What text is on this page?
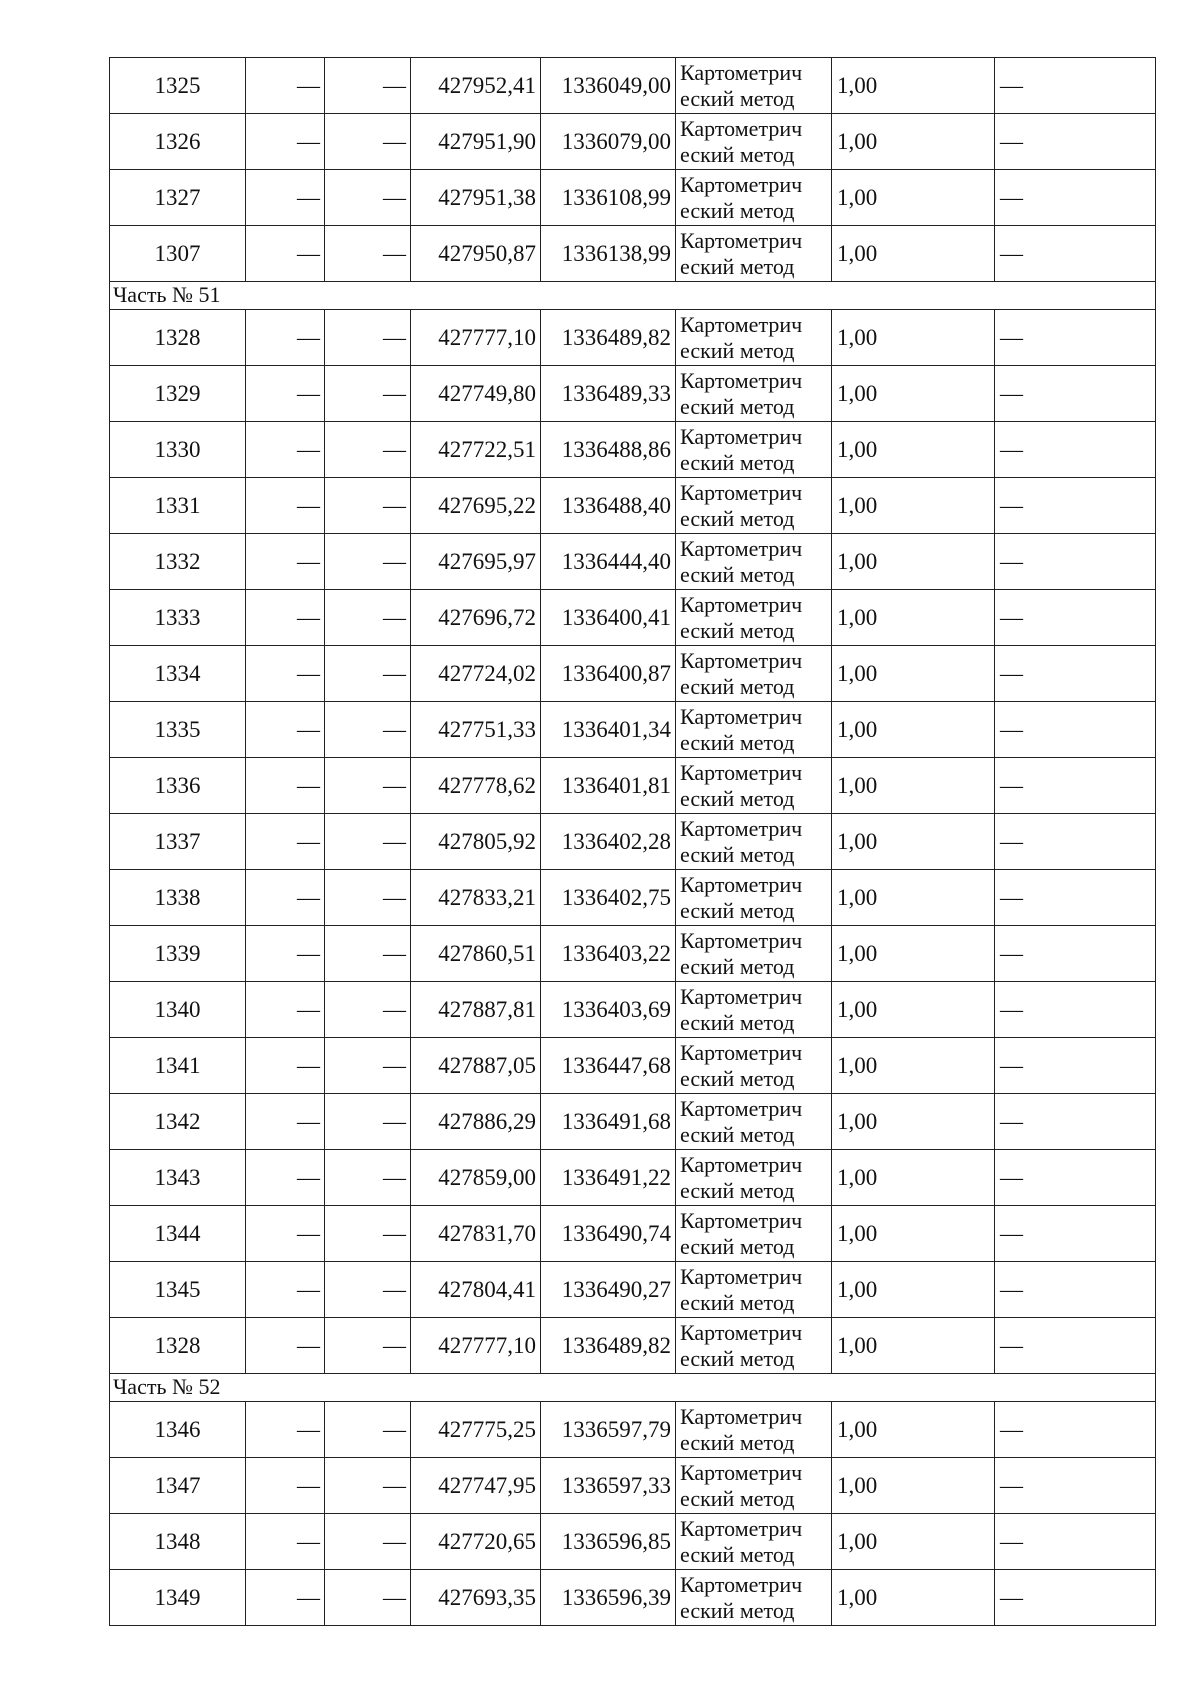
1325	—	—	427952,41	1336049,00	Картометрич еский метод	1,00	—
1326	—	—	427951,90	1336079,00	Картометрич еский метод	1,00	—
1327	—	—	427951,38	1336108,99	Картометрич еский метод	1,00	—
1307	—	—	427950,87	1336138,99	Картометрич еский метод	1,00	—
Часть № 51							
1328	—	—	427777,10	1336489,82	Картометрич еский метод	1,00	—
1329	—	—	427749,80	1336489,33	Картометрич еский метод	1,00	—
1330	—	—	427722,51	1336488,86	Картометрич еский метод	1,00	—
1331	—	—	427695,22	1336488,40	Картометрич еский метод	1,00	—
1332	—	—	427695,97	1336444,40	Картометрич еский метод	1,00	—
1333	—	—	427696,72	1336400,41	Картометрич еский метод	1,00	—
1334	—	—	427724,02	1336400,87	Картометрич еский метод	1,00	—
1335	—	—	427751,33	1336401,34	Картометрич еский метод	1,00	—
1336	—	—	427778,62	1336401,81	Картометрич еский метод	1,00	—
1337	—	—	427805,92	1336402,28	Картометрич еский метод	1,00	—
1338	—	—	427833,21	1336402,75	Картометрич еский метод	1,00	—
1339	—	—	427860,51	1336403,22	Картометрич еский метод	1,00	—
1340	—	—	427887,81	1336403,69	Картометрич еский метод	1,00	—
1341	—	—	427887,05	1336447,68	Картометрич еский метод	1,00	—
1342	—	—	427886,29	1336491,68	Картометрич еский метод	1,00	—
1343	—	—	427859,00	1336491,22	Картометрич еский метод	1,00	—
1344	—	—	427831,70	1336490,74	Картометрич еский метод	1,00	—
1345	—	—	427804,41	1336490,27	Картометрич еский метод	1,00	—
1328	—	—	427777,10	1336489,82	Картометрич еский метод	1,00	—
Часть № 52							
1346	—	—	427775,25	1336597,79	Картометрич еский метод	1,00	—
1347	—	—	427747,95	1336597,33	Картометрич еский метод	1,00	—
1348	—	—	427720,65	1336596,85	Картометрич еский метод	1,00	—
1349	—	—	427693,35	1336596,39	Картометрич еский метод	1,00	—
